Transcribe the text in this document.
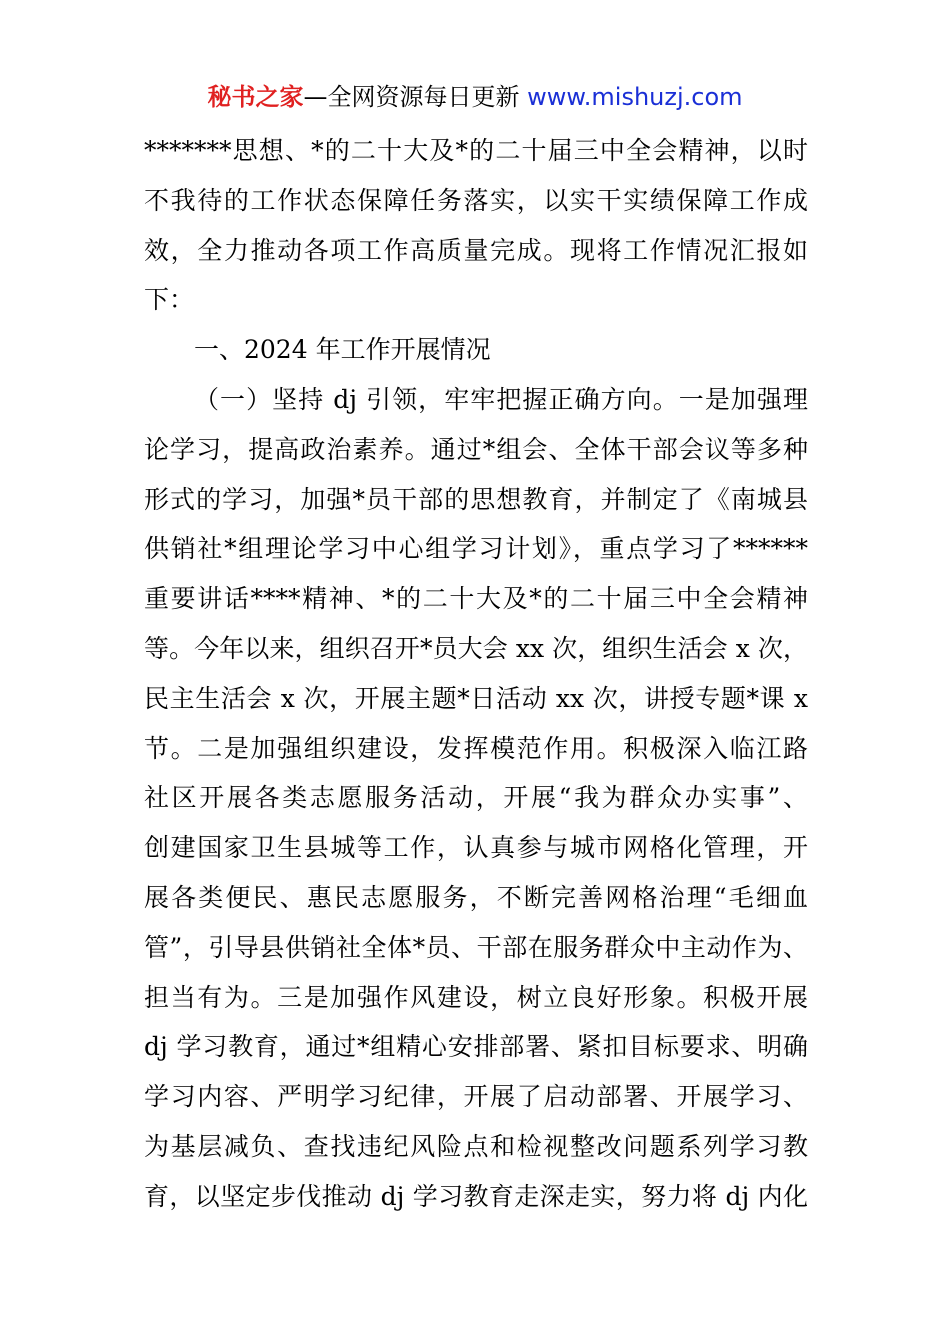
秘书之家—全网资源每日更新 www.mishuzj.com
*******思想、*的二十大及*的二十届三中全会精神，以时
不我待的工作状态保障任务落实，以实干实绩保障工作成
效，全力推动各项工作高质量完成。现将工作情况汇报如
下：
一、2024 年工作开展情况
（一）坚持 dj 引领，牢牢把握正确方向。一是加强理
论学习，提高政治素养。通过*组会、全体干部会议等多种
形式的学习，加强*员干部的思想教育，并制定了《南城县
供销社*组理论学习中心组学习计划》，重点学习了******
重要讲话****精神、*的二十大及*的二十届三中全会精神
等。今年以来，组织召开*员大会 xx 次，组织生活会 x 次，
民主生活会 x 次，开展主题*日活动 xx 次，讲授专题*课 x
节。二是加强组织建设，发挥模范作用。积极深入临江路
社区开展各类志愿服务活动，开展“我为群众办实事”、
创建国家卫生县城等工作，认真参与城市网格化管理，开
展各类便民、惠民志愿服务，不断完善网格治理“毛细血
管”，引导县供销社全体*员、干部在服务群众中主动作为、
担当有为。三是加强作风建设，树立良好形象。积极开展
dj 学习教育，通过*组精心安排部署、紧扣目标要求、明确
学习内容、严明学习纪律，开展了启动部署、开展学习、
为基层减负、查找违纪风险点和检视整改问题系列学习教
育，以坚定步伐推动 dj 学习教育走深走实，努力将 dj 内化
